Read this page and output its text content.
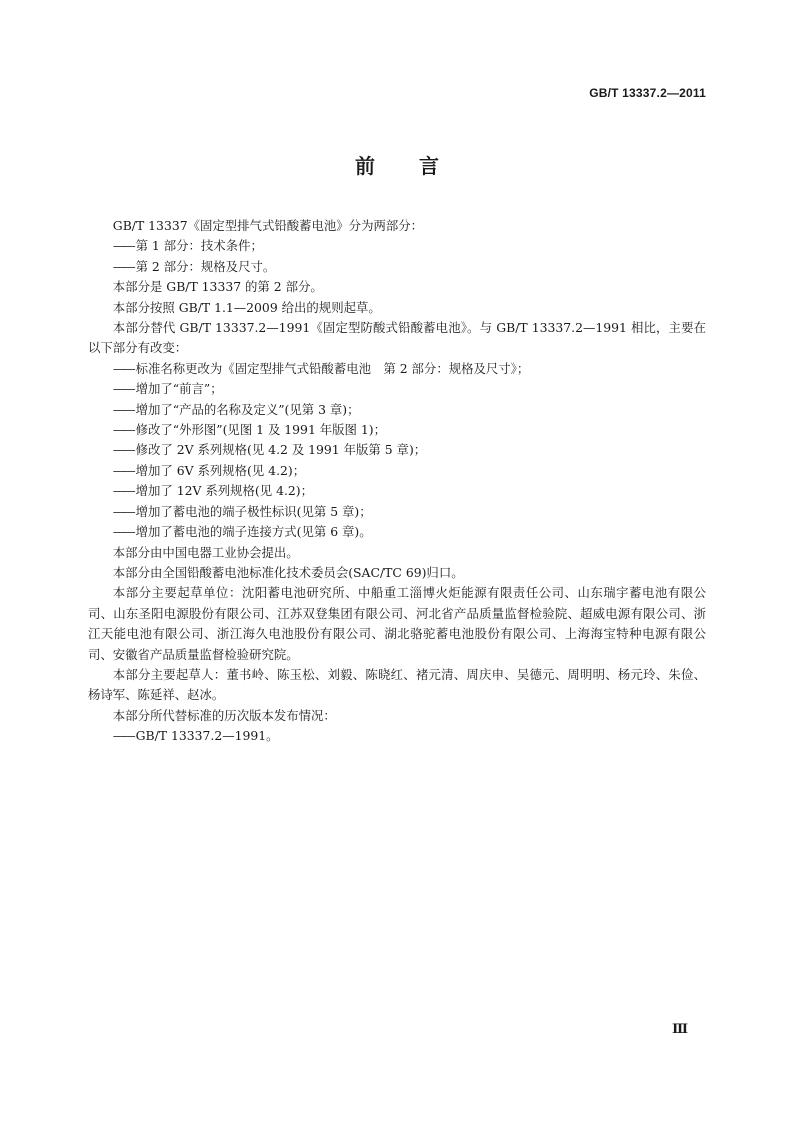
GB/T 13337.2—2011
前 言

GB/T 13337《固定型排气式铅酸蓄电池》分为两部分：

—— 第 1 部分：技术条件；

—— 第 2 部分：规格及尺寸。

本部分是 GB/T 13337 的第 2 部分。

本部分按照 GB/T 1.1—2009 给出的规则起草。

本部分替代 GB/T 13337.2—1991《固定型防酸式铅酸蓄电池》。与 GB/T 13337.2—1991 相比，主要在以下部分有改变：

—— 标准名称更改为《固定型排气式铅酸蓄电池　第 2 部分：规格及尺寸》；

—— 增加了“前言”；

—— 增加了“产品的名称及定义”(见第 3 章)；

—— 修改了“外形图”(见图 1 及 1991 年版图 1)；

—— 修改了 2V 系列规格(见 4.2 及 1991 年版第 5 章)；

—— 增加了 6V 系列规格(见 4.2)；

—— 增加了 12V 系列规格(见 4.2)；

—— 增加了蓄电池的端子极性标识(见第 5 章)；

—— 增加了蓄电池的端子连接方式(见第 6 章)。

本部分由中国电器工业协会提出。

本部分由全国铅酸蓄电池标准化技术委员会(SAC/TC 69)归口。

本部分主要起草单位：沈阳蓄电池研究所、中船重工淄博火炬能源有限责任公司、山东瑞宇蓄电池有限公司、山东圣阳电源股份有限公司、江苏双登集团有限公司、河北省产品质量监督检验院、超威电源有限公司、浙江天能电池有限公司、浙江海久电池股份有限公司、湖北骆驼蓄电池股份有限公司、上海海宝特种电源有限公司、安徽省产品质量监督检验研究院。

本部分主要起草人：董书岭、陈玉松、刘毅、陈晓红、褚元清、周庆申、吴德元、周明明、杨元玲、朱俭、杨诗军、陈延祥、赵冰。

本部分所代替标准的历次版本发布情况：

—— GB/T 13337.2—1991。

Ⅲ
